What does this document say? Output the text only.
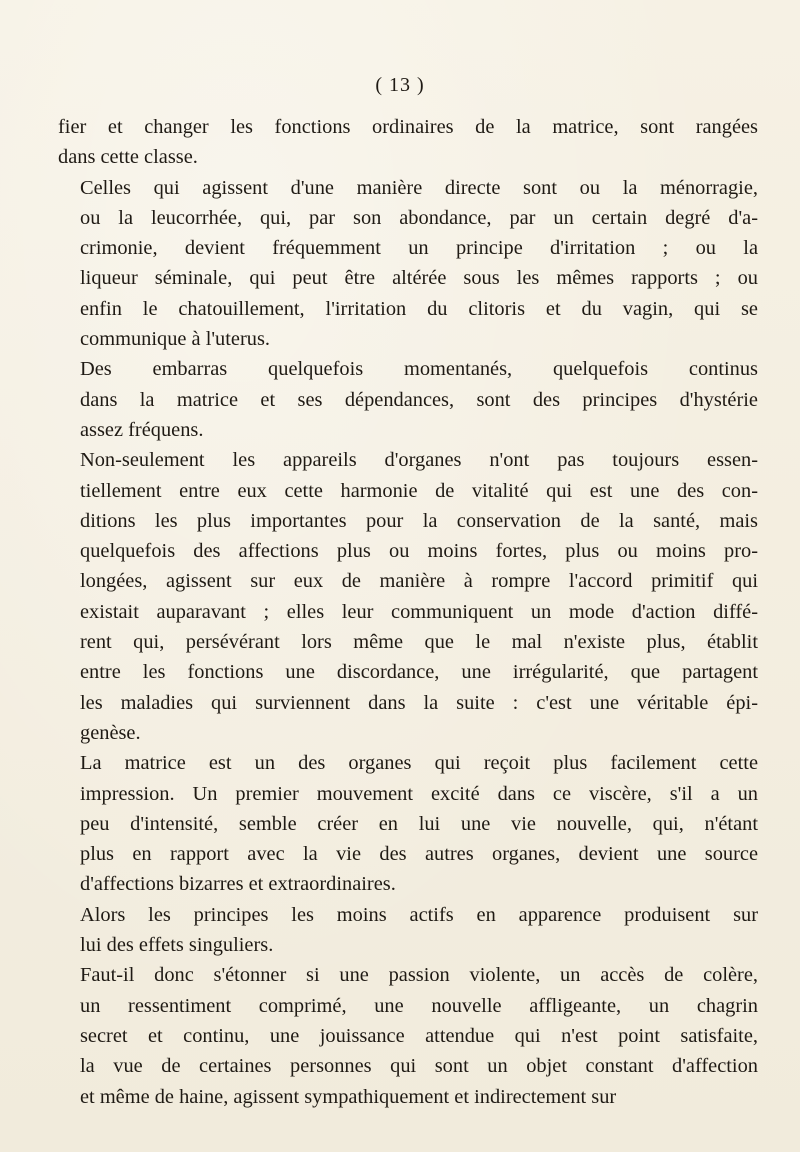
( 13 )
fier et changer les fonctions ordinaires de la matrice, sont rangées
dans cette classe.
Celles qui agissent d'une manière directe sont ou la ménorragie,
ou la leucorrhée, qui, par son abondance, par un certain degré d'a-
crimonie, devient fréquemment un principe d'irritation ; ou la
liqueur séminale, qui peut être altérée sous les mêmes rapports ; ou
enfin le chatouillement, l'irritation du clitoris et du vagin, qui se
communique à l'uterus.
Des embarras quelquefois momentanés, quelquefois continus
dans la matrice et ses dépendances, sont des principes d'hystérie
assez fréquens.
Non-seulement les appareils d'organes n'ont pas toujours essen-
tiellement entre eux cette harmonie de vitalité qui est une des con-
ditions les plus importantes pour la conservation de la santé, mais
quelquefois des affections plus ou moins fortes, plus ou moins pro-
longées, agissent sur eux de manière à rompre l'accord primitif qui
existait auparavant ; elles leur communiquent un mode d'action diffé-
rent qui, persévérant lors même que le mal n'existe plus, établit
entre les fonctions une discordance, une irrégularité, que partagent
les maladies qui surviennent dans la suite : c'est une véritable épi-
genèse.
La matrice est un des organes qui reçoit plus facilement cette
impression. Un premier mouvement excité dans ce viscère, s'il a un
peu d'intensité, semble créer en lui une vie nouvelle, qui, n'étant
plus en rapport avec la vie des autres organes, devient une source
d'affections bizarres et extraordinaires.
Alors les principes les moins actifs en apparence produisent sur
lui des effets singuliers.
Faut-il donc s'étonner si une passion violente, un accès de colère,
un ressentiment comprimé, une nouvelle affligeante, un chagrin
secret et continu, une jouissance attendue qui n'est point satisfaite,
la vue de certaines personnes qui sont un objet constant d'affection
et même de haine, agissent sympathiquement et indirectement sur
